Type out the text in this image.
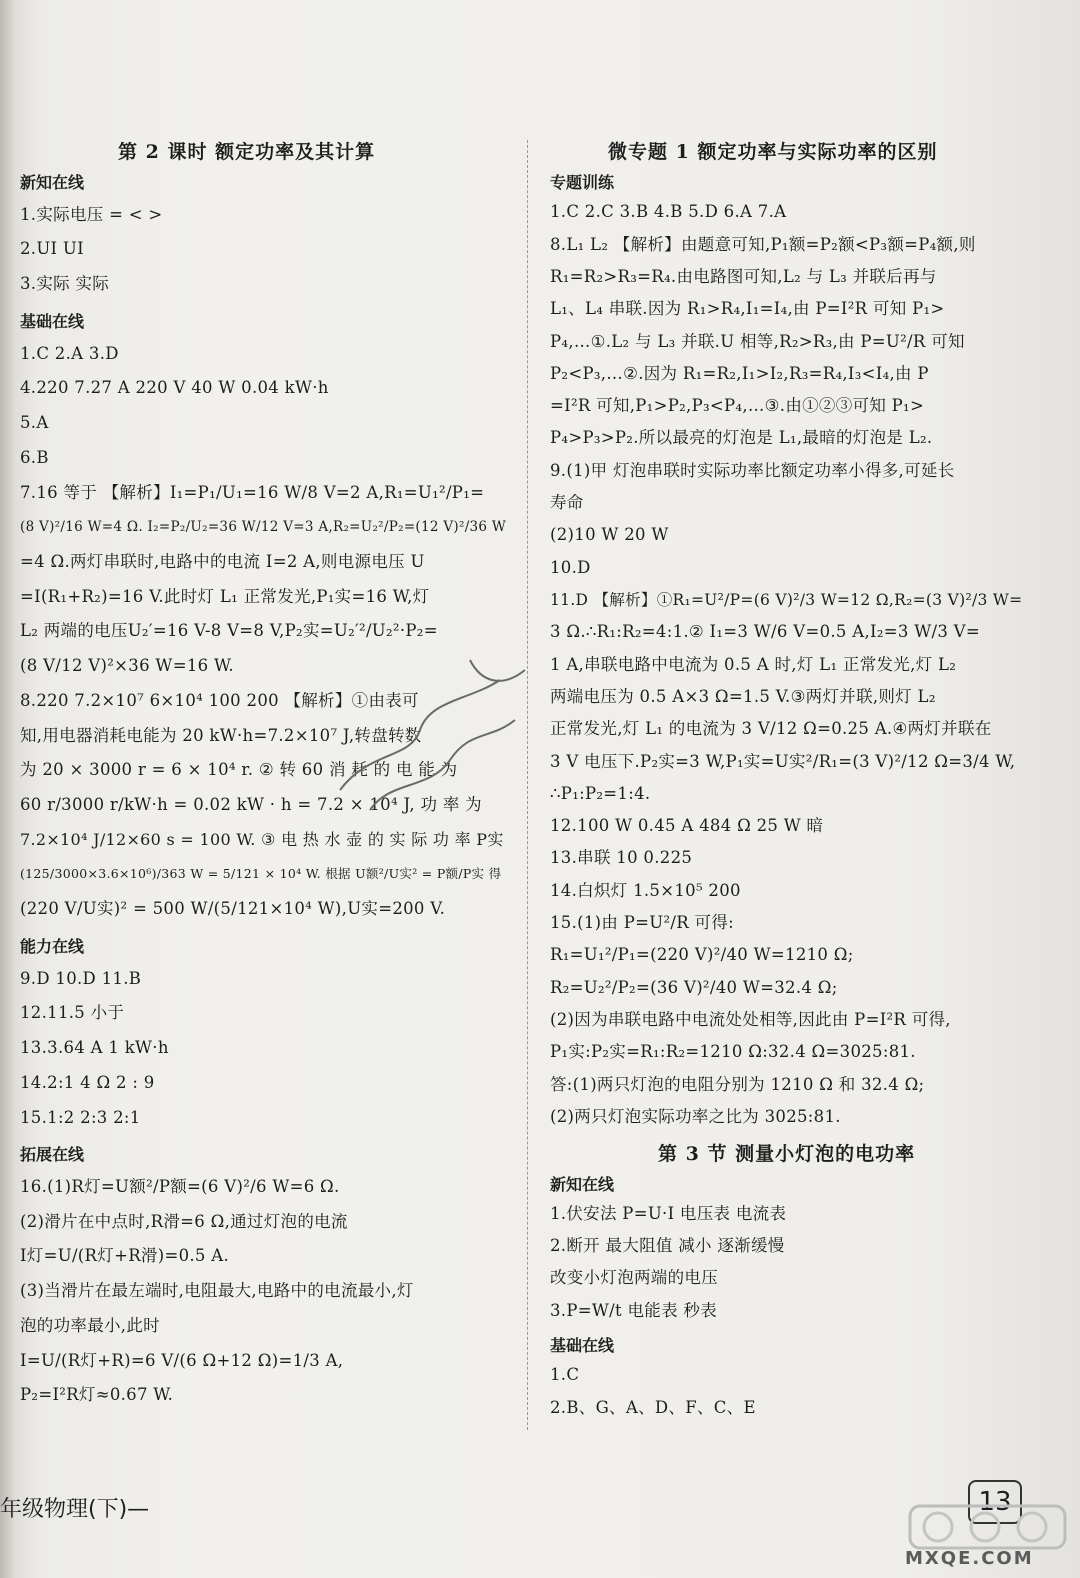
第 2 课时 额定功率及其计算
新知在线
1.实际电压 = < >
2.UI UI
3.实际 实际
基础在线
1.C 2.A 3.D
4.220 7.27 A 220 V 40 W 0.04 kW·h
5.A
6.B
7.16 等于 【解析】I₁=P₁/U₁=16 W/8 V=2 A,R₁=U₁²/P₁=
(8 V)²/16 W=4 Ω. I₂=P₂/U₂=36 W/12 V=3 A,R₂=U₂²/P₂=(12 V)²/36 W
=4 Ω.两灯串联时,电路中的电流 I=2 A,则电源电压 U
=I(R₁+R₂)=16 V.此时灯 L₁ 正常发光,P₁实=16 W,灯
L₂ 两端的电压U₂′=16 V-8 V=8 V,P₂实=U₂′²/U₂²·P₂=
(8 V/12 V)²×36 W=16 W.
8.220 7.2×10⁷ 6×10⁴ 100 200 【解析】①由表可
知,用电器消耗电能为 20 kW·h=7.2×10⁷ J,转盘转数
为 20 × 3000 r = 6 × 10⁴ r. ② 转 60 消 耗 的 电 能 为
60 r/3000 r/kW·h = 0.02 kW · h = 7.2 × 10⁴ J, 功 率 为
7.2×10⁴ J/12×60 s = 100 W. ③ 电 热 水 壶 的 实 际 功 率 P实
(125/3000×3.6×10⁶)/363 W = 5/121 × 10⁴ W. 根据 U额²/U实² = P额/P实 得
(220 V/U实)² = 500 W/(5/121×10⁴ W),U实=200 V.
能力在线
9.D 10.D 11.B
12.11.5 小于
13.3.64 A 1 kW·h
14.2:1 4 Ω 2 : 9
15.1:2 2:3 2:1
拓展在线
16.(1)R灯=U额²/P额=(6 V)²/6 W=6 Ω.
(2)滑片在中点时,R滑=6 Ω,通过灯泡的电流
I灯=U/(R灯+R滑)=0.5 A.
(3)当滑片在最左端时,电阻最大,电路中的电流最小,灯
泡的功率最小,此时
I=U/(R灯+R)=6 V/(6 Ω+12 Ω)=1/3 A,
P₂=I²R灯≈0.67 W.
微专题 1 额定功率与实际功率的区别
专题训练
1.C 2.C 3.B 4.B 5.D 6.A 7.A
8.L₁ L₂ 【解析】由题意可知,P₁额=P₂额<P₃额=P₄额,则
R₁=R₂>R₃=R₄.由电路图可知,L₂ 与 L₃ 并联后再与
L₁、L₄ 串联.因为 R₁>R₄,I₁=I₄,由 P=I²R 可知 P₁>
P₄,…①.L₂ 与 L₃ 并联.U 相等,R₂>R₃,由 P=U²/R 可知
P₂<P₃,…②.因为 R₁=R₂,I₁>I₂,R₃=R₄,I₃<I₄,由 P
=I²R 可知,P₁>P₂,P₃<P₄,…③.由①②③可知 P₁>
P₄>P₃>P₂.所以最亮的灯泡是 L₁,最暗的灯泡是 L₂.
9.(1)甲 灯泡串联时实际功率比额定功率小得多,可延长
寿命
(2)10 W 20 W
10.D
11.D 【解析】①R₁=U²/P=(6 V)²/3 W=12 Ω,R₂=(3 V)²/3 W=
3 Ω.∴R₁:R₂=4:1.② I₁=3 W/6 V=0.5 A,I₂=3 W/3 V=
1 A,串联电路中电流为 0.5 A 时,灯 L₁ 正常发光,灯 L₂
两端电压为 0.5 A×3 Ω=1.5 V.③两灯并联,则灯 L₂
正常发光,灯 L₁ 的电流为 3 V/12 Ω=0.25 A.④两灯并联在
3 V 电压下.P₂实=3 W,P₁实=U实²/R₁=(3 V)²/12 Ω=3/4 W,
∴P₁:P₂=1:4.
12.100 W 0.45 A 484 Ω 25 W 暗
13.串联 10 0.225
14.白炽灯 1.5×10⁵ 200
15.(1)由 P=U²/R 可得:
R₁=U₁²/P₁=(220 V)²/40 W=1210 Ω;
R₂=U₂²/P₂=(36 V)²/40 W=32.4 Ω;
(2)因为串联电路中电流处处相等,因此由 P=I²R 可得,
P₁实:P₂实=R₁:R₂=1210 Ω:32.4 Ω=3025:81.
答:(1)两只灯泡的电阻分别为 1210 Ω 和 32.4 Ω;
(2)两只灯泡实际功率之比为 3025:81.
第 3 节 测量小灯泡的电功率
新知在线
1.伏安法 P=U·I 电压表 电流表
2.断开 最大阻值 减小 逐渐缓慢
改变小灯泡两端的电压
3.P=W/t 电能表 秒表
基础在线
1.C
2.B、G、A、D、F、C、E
年级物理(下)—	13
MXQE.COM
